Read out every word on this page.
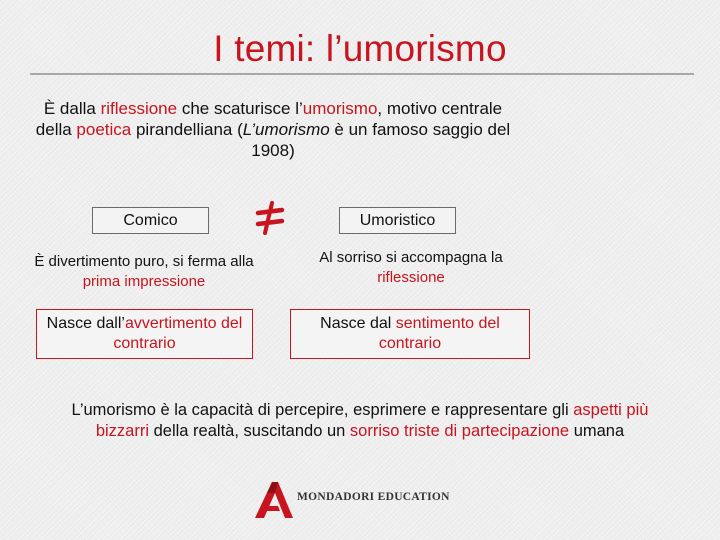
I temi: l’umorismo
È dalla riflessione che scaturisce l’umorismo, motivo centrale della poetica pirandelliana (L’umorismo è un famoso saggio del 1908)
Comico	Umoristico
È divertimento puro, si ferma alla prima impressione
Al sorriso si accompagna la riflessione
Nasce dall’avvertimento del contrario
Nasce dal sentimento del contrario
L’umorismo è la capacità di percepire, esprimere e rappresentare gli aspetti più bizzarri della realtà, suscitando un sorriso triste di partecipazione umana
MONDADORI EDUCATION
